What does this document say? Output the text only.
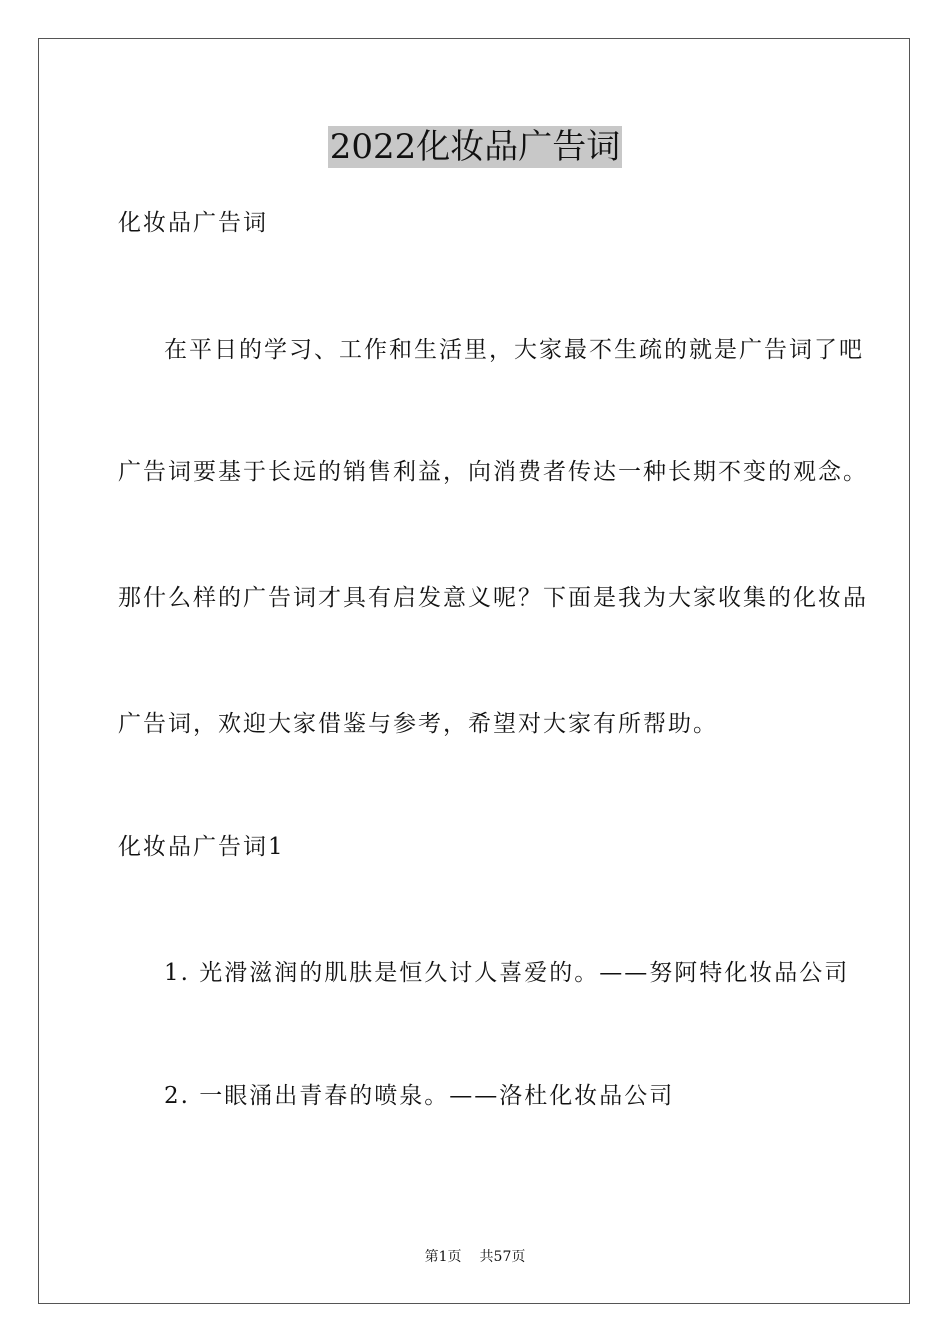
2022化妆品广告词
化妆品广告词
在平日的学习、工作和生活里，大家最不生疏的就是广告词了吧
广告词要基于长远的销售利益，向消费者传达一种长期不变的观念。
那什么样的广告词才具有启发意义呢？下面是我为大家收集的化妆品
广告词，欢迎大家借鉴与参考，希望对大家有所帮助。
化妆品广告词1
1. 光滑滋润的肌肤是恒久讨人喜爱的。——努阿特化妆品公司
2. 一眼涌出青春的喷泉。——洛杜化妆品公司
第1页 共57页
